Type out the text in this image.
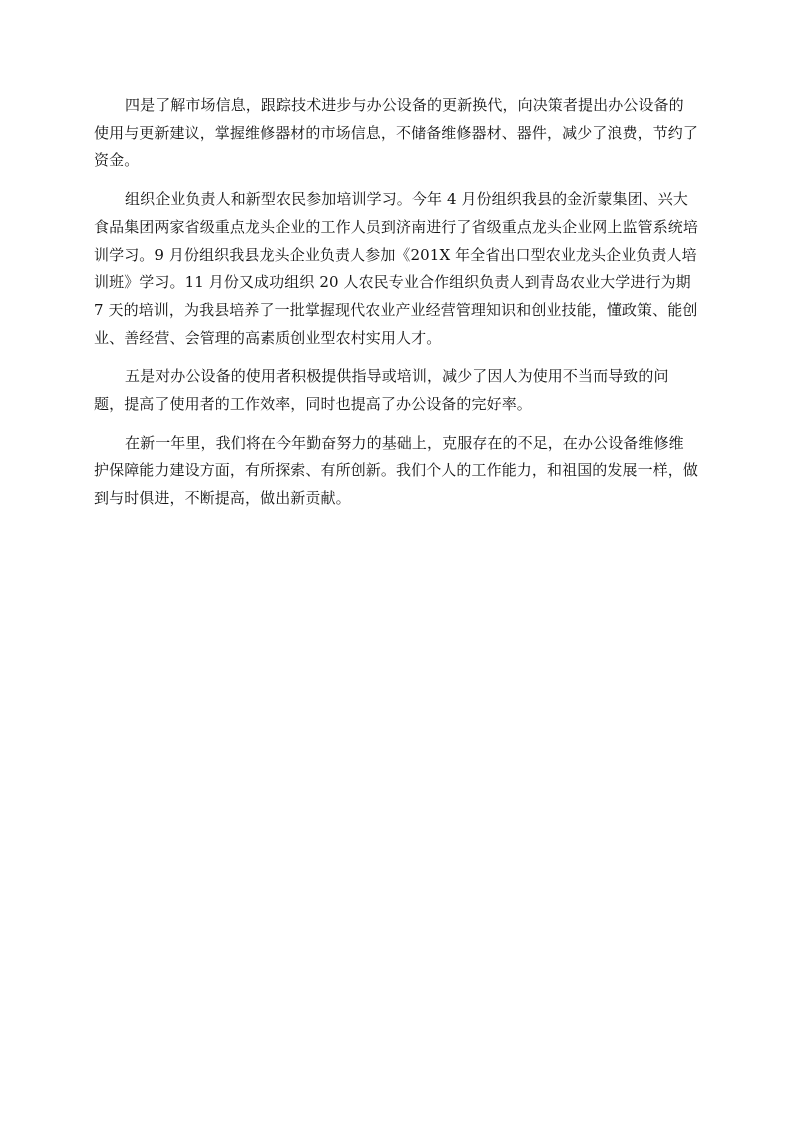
四是了解市场信息，跟踪技术进步与办公设备的更新换代，向决策者提出办公设备的使用与更新建议，掌握维修器材的市场信息，不储备维修器材、器件，减少了浪费，节约了资金。

组织企业负责人和新型农民参加培训学习。今年 4 月份组织我县的金沂蒙集团、兴大食品集团两家省级重点龙头企业的工作人员到济南进行了省级重点龙头企业网上监管系统培训学习。9 月份组织我县龙头企业负责人参加《201X 年全省出口型农业龙头企业负责人培训班》学习。11 月份又成功组织 20 人农民专业合作组织负责人到青岛农业大学进行为期 7 天的培训，为我县培养了一批掌握现代农业产业经营管理知识和创业技能，懂政策、能创业、善经营、会管理的高素质创业型农村实用人才。

五是对办公设备的使用者积极提供指导或培训，减少了因人为使用不当而导致的问题，提高了使用者的工作效率，同时也提高了办公设备的完好率。

在新一年里，我们将在今年勤奋努力的基础上，克服存在的不足，在办公设备维修维护保障能力建设方面，有所探索、有所创新。我们个人的工作能力，和祖国的发展一样，做到与时俱进，不断提高，做出新贡献。
